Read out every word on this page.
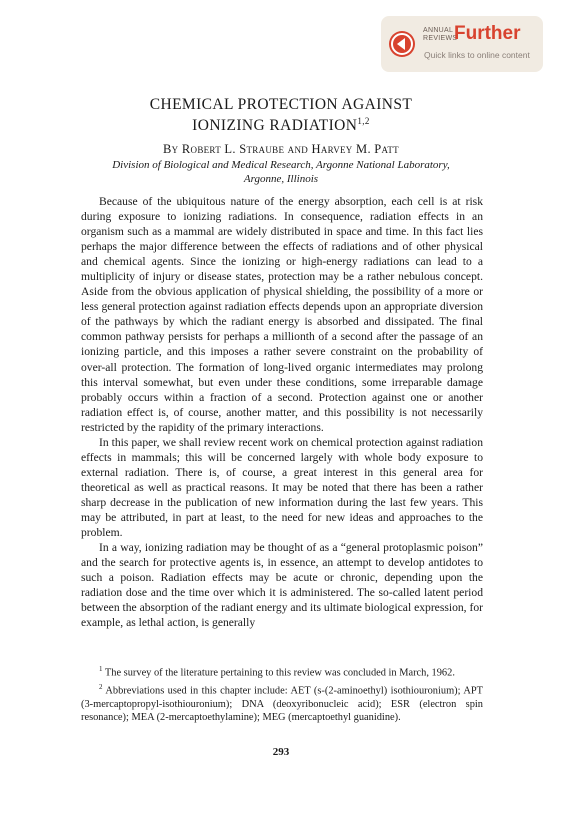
ANNUAL
REVIEWS
Further
Quick links to online content
CHEMICAL PROTECTION AGAINST
IONIZING RADIATION$^{1,2}$
By Robert L. Straube and Harvey M. Patt
Division of Biological and Medical Research, Argonne National Laboratory,
Argonne, Illinois

Because of the ubiquitous nature of the energy absorption, each cell is at risk during exposure to ionizing radiations. In consequence, radiation effects in an organism such as a mammal are widely distributed in space and time. In this fact lies perhaps the major difference between the effects of radiations and of other physical and chemical agents. Since the ionizing or high-energy radiations can lead to a multiplicity of injury or disease states, protection may be a rather nebulous concept. Aside from the obvious application of physical shielding, the possibility of a more or less general protection against radiation effects depends upon an appropriate diversion of the pathways by which the radiant energy is absorbed and dissipated. The final common pathway persists for perhaps a millionth of a second after the passage of an ionizing particle, and this imposes a rather severe constraint on the probability of over-all protection. The formation of long-lived organic intermediates may prolong this interval somewhat, but even under these conditions, some irreparable damage probably occurs within a fraction of a second. Protection against one or another radiation effect is, of course, another matter, and this possibility is not necessarily restricted by the rapidity of the primary interactions.

In this paper, we shall review recent work on chemical protection against radiation effects in mammals; this will be concerned largely with whole body exposure to external radiation. There is, of course, a great interest in this general area for theoretical as well as practical reasons. It may be noted that there has been a rather sharp decrease in the publication of new information during the last few years. This may be attributed, in part at least, to the need for new ideas and approaches to the problem.

In a way, ionizing radiation may be thought of as a “general protoplasmic poison” and the search for protective agents is, in essence, an attempt to develop antidotes to such a poison. Radiation effects may be acute or chronic, depending upon the radiation dose and the time over which it is administered. The so-called latent period between the absorption of the radiant energy and its ultimate biological expression, for example, as lethal action, is generally

$^1$ The survey of the literature pertaining to this review was concluded in March, 1962.

$^2$ Abbreviations used in this chapter include: AET (s-(2-aminoethyl) isothiouronium); APT (3-mercaptopropyl-isothiouronium); DNA (deoxyribonucleic acid); ESR (electron spin resonance); MEA (2-mercaptoethylamine); MEG (mercaptoethyl guanidine).

293
